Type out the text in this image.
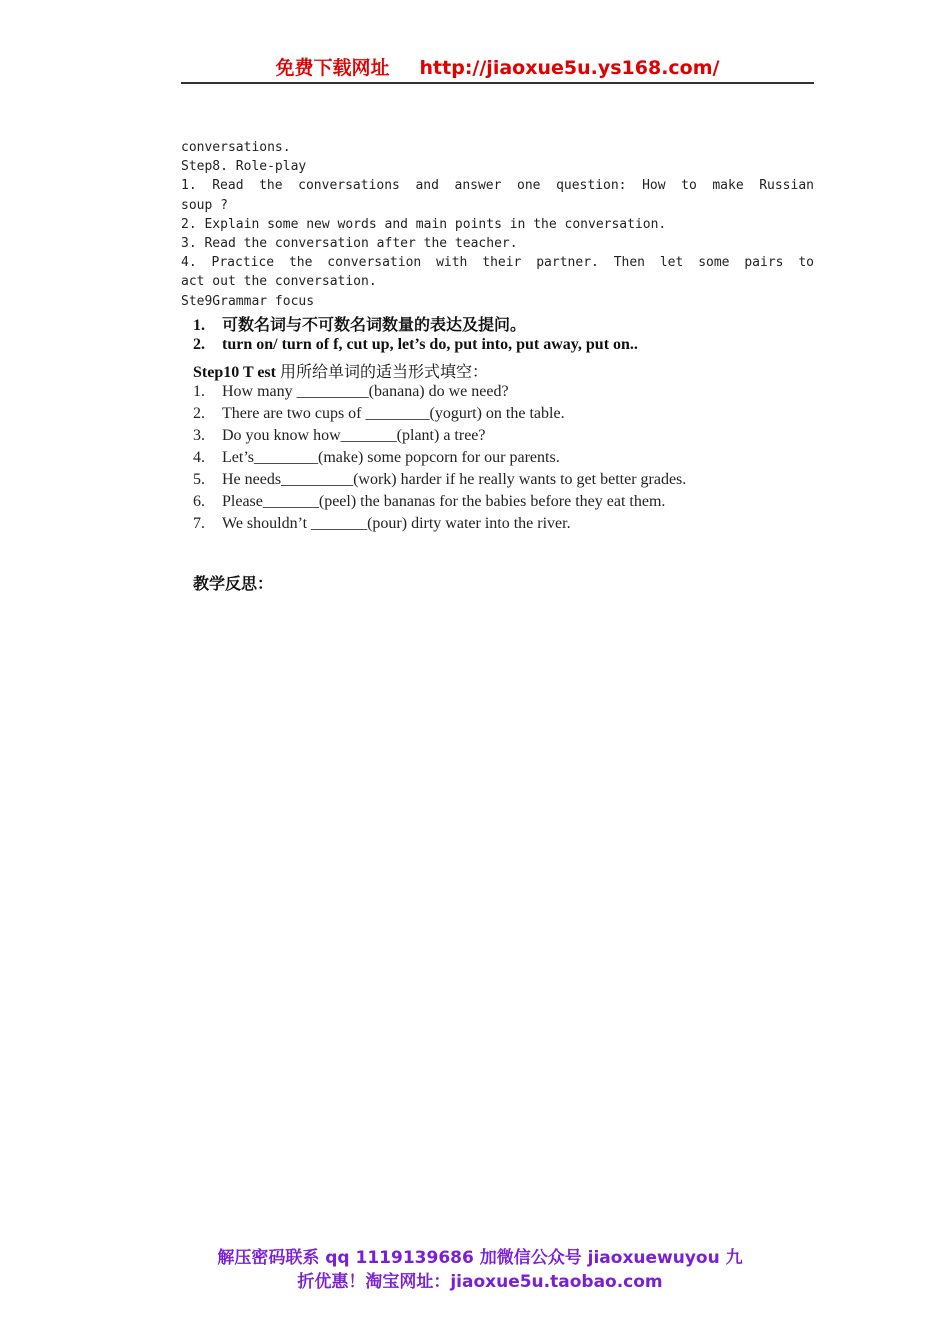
免费下载网址 http://jiaoxue5u.ys168.com/
conversations.
Step8. Role-play
1. Read the conversations and answer one question: How to make Russian
soup ?
2. Explain some new words and main points in the conversation.
3. Read the conversation after the teacher.
4. Practice the conversation with their partner. Then let some pairs to
act out the conversation.
Ste9Grammar focus
1. 可数名词与不可数名词数量的表达及提问。
2. turn on/ turn of f, cut up, let’s do, put into, put away, put on..
Step10 T est 用所给单词的适当形式填空：
1. How many _________(banana) do we need?
2. There are two cups of ________(yogurt) on the table.
3. Do you know how_______(plant) a tree?
4. Let’s________(make) some popcorn for our parents.
5. He needs_________(work) harder if he really wants to get better grades.
6. Please_______(peel) the bananas for the babies before they eat them.
7. We shouldn’t _______(pour) dirty water into the river.
教学反思：
解压密码联系 qq 1119139686 加微信公众号 jiaoxuewuyou 九
折优惠！淘宝网址：jiaoxue5u.taobao.com
